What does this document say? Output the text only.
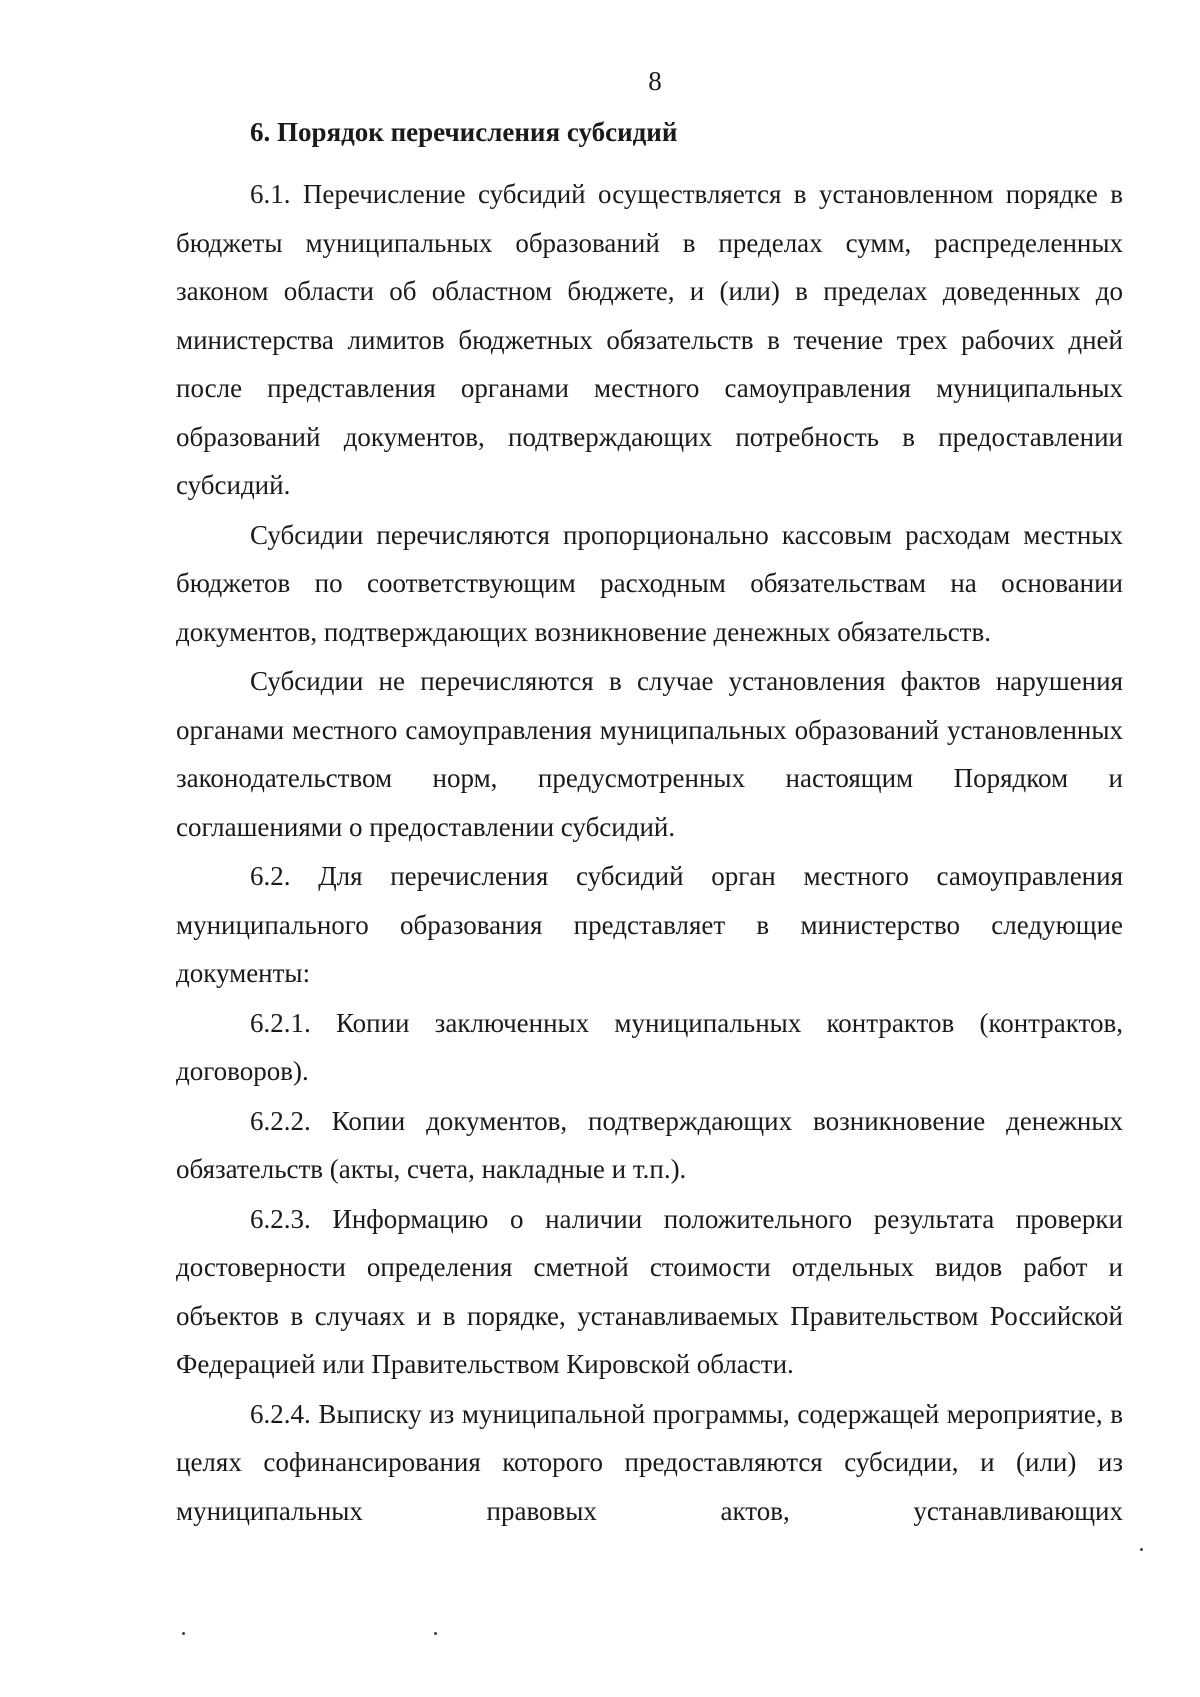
8

6. Порядок перечисления субсидий

6.1. Перечисление субсидий осуществляется в установленном порядке в бюджеты муниципальных образований в пределах сумм, распределенных законом области об областном бюджете, и (или) в пределах доведенных до министерства лимитов бюджетных обязательств в течение трех рабочих дней после представления органами местного самоуправления муниципальных образований документов, подтверждающих потребность в предоставлении субсидий.

Субсидии перечисляются пропорционально кассовым расходам местных бюджетов по соответствующим расходным обязательствам на основании документов, подтверждающих возникновение денежных обязательств.

Субсидии не перечисляются в случае установления фактов нарушения органами местного самоуправления муниципальных образований установленных законодательством норм, предусмотренных настоящим Порядком и соглашениями о предоставлении субсидий.

6.2. Для перечисления субсидий орган местного самоуправления муниципального образования представляет в министерство следующие документы:

6.2.1. Копии заключенных муниципальных контрактов (контрактов, договоров).

6.2.2. Копии документов, подтверждающих возникновение денежных обязательств (акты, счета, накладные и т.п.).

6.2.3. Информацию о наличии положительного результата проверки достоверности определения сметной стоимости отдельных видов работ и объектов в случаях и в порядке, устанавливаемых Правительством Российской Федерацией или Правительством Кировской области.

6.2.4. Выписку из муниципальной программы, содержащей мероприятие, в целях софинансирования которого предоставляются субсидии, и (или) из муниципальных правовых актов, устанавливающих
